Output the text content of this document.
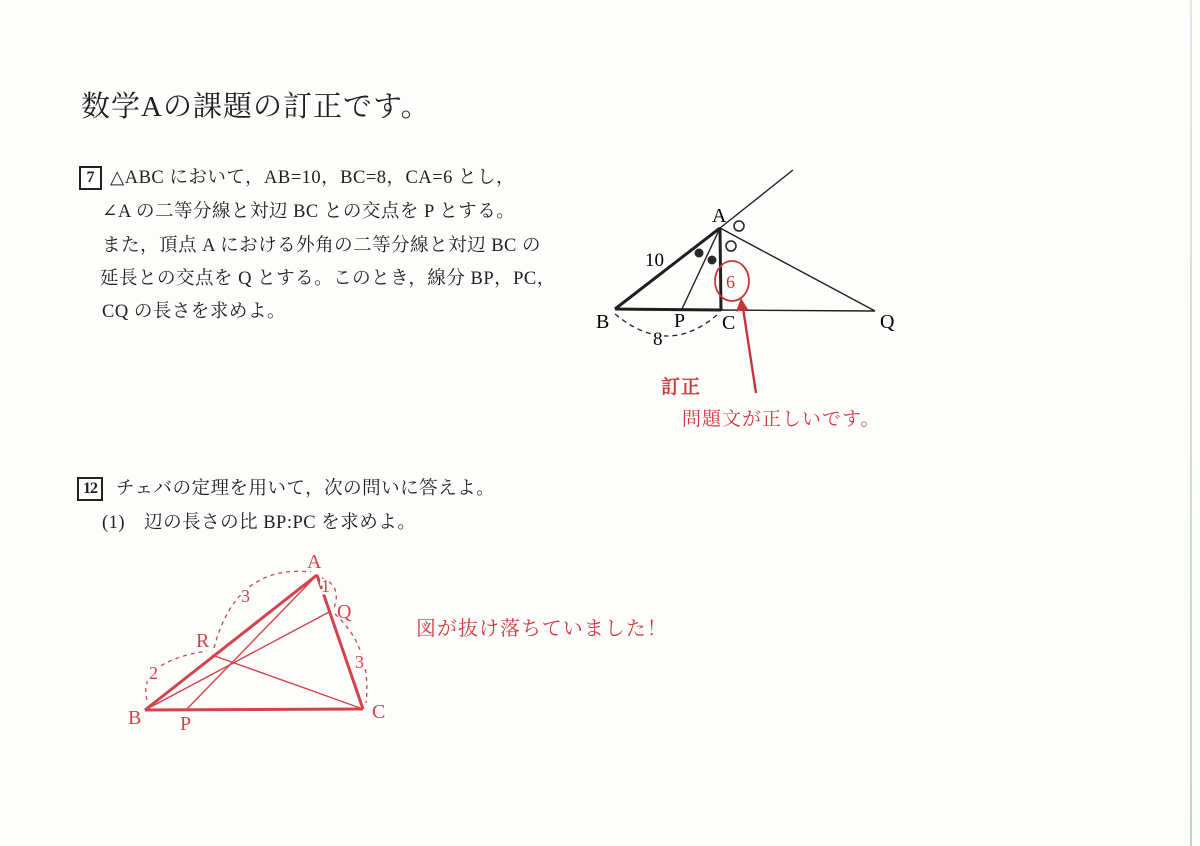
数学Aの課題の訂正です。
7 △ABC において，AB=10，BC=8，CA=6 とし，
∠A の二等分線と対辺 BC との交点を P とする。
また，頂点 A における外角の二等分線と対辺 BC の
延長との交点を Q とする。このとき，線分 BP，PC，
CQ の長さを求めよ。
A
B	P C	Q
10
8
6
訂正
問題文が正しいです。
12 チェバの定理を用いて，次の問いに答えよ。
(1)　辺の長さの比 BP:PC を求めよ。
A
B	C
R
P
Q
3
2
1
3
図が抜け落ちていました！
